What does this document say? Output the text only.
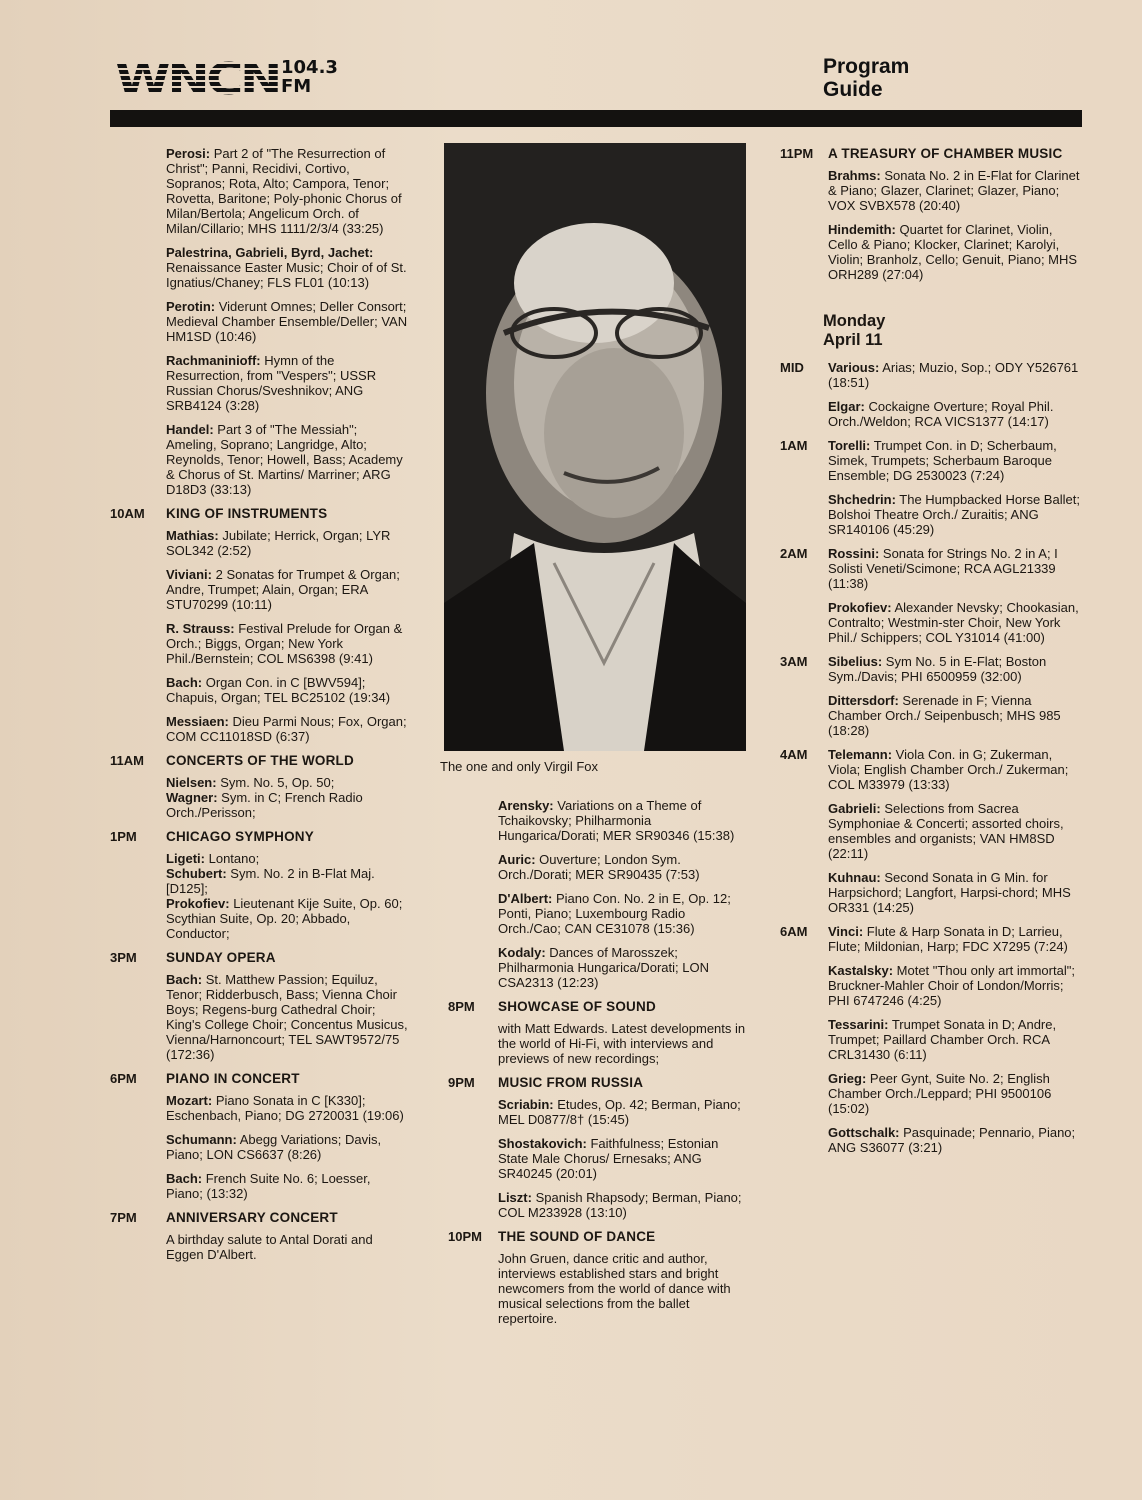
WNCN 104.3
FM
Program
Guide
Perosi: Part 2 of "The Resurrection of Christ"; Panni, Recidivi, Cortivo, Sopranos; Rota, Alto; Campora, Tenor; Rovetta, Baritone; Poly-phonic Chorus of Milan/Bertola; Angelicum Orch. of Milan/Cillario; MHS 1111/2/3/4 (33:25)
Palestrina, Gabrieli, Byrd, Jachet: Renaissance Easter Music; Choir of of St. Ignatius/Chaney; FLS FL01 (10:13)
Perotin: Viderunt Omnes; Deller Consort; Medieval Chamber Ensemble/Deller; VAN HM1SD (10:46)
Rachmaninioff: Hymn of the Resurrection, from "Vespers"; USSR Russian Chorus/Sveshnikov; ANG SRB4124 (3:28)
Handel: Part 3 of "The Messiah"; Ameling, Soprano; Langridge, Alto; Reynolds, Tenor; Howell, Bass; Academy & Chorus of St. Martins/ Marriner; ARG D18D3 (33:13)
10AM KING OF INSTRUMENTS
Mathias: Jubilate; Herrick, Organ; LYR SOL342 (2:52)
Viviani: 2 Sonatas for Trumpet & Organ; Andre, Trumpet; Alain, Organ; ERA STU70299 (10:11)
R. Strauss: Festival Prelude for Organ & Orch.; Biggs, Organ; New York Phil./Bernstein; COL MS6398 (9:41)
Bach: Organ Con. in C [BWV594]; Chapuis, Organ; TEL BC25102 (19:34)
Messiaen: Dieu Parmi Nous; Fox, Organ; COM CC11018SD (6:37)
11AM CONCERTS OF THE WORLD
Nielsen: Sym. No. 5, Op. 50;
Wagner: Sym. in C; French Radio Orch./Perisson;
1PM CHICAGO SYMPHONY
Ligeti: Lontano;
Schubert: Sym. No. 2 in B-Flat Maj. [D125];
Prokofiev: Lieutenant Kije Suite, Op. 60; Scythian Suite, Op. 20; Abbado, Conductor;
3PM SUNDAY OPERA
Bach: St. Matthew Passion; Equiluz, Tenor; Ridderbusch, Bass; Vienna Choir Boys; Regens-burg Cathedral Choir; King's College Choir; Concentus Musicus, Vienna/Harnoncourt; TEL SAWT9572/75 (172:36)
6PM PIANO IN CONCERT
Mozart: Piano Sonata in C [K330]; Eschenbach, Piano; DG 2720031 (19:06)
Schumann: Abegg Variations; Davis, Piano; LON CS6637 (8:26)
Bach: French Suite No. 6; Loesser, Piano; (13:32)
7PM ANNIVERSARY CONCERT
A birthday salute to Antal Dorati and Eggen D'Albert.
Arensky: Variations on a Theme of Tchaikovsky; Philharmonia Hungarica/Dorati; MER SR90346 (15:38)
Auric: Ouverture; London Sym. Orch./Dorati; MER SR90435 (7:53)
D'Albert: Piano Con. No. 2 in E, Op. 12; Ponti, Piano; Luxembourg Radio Orch./Cao; CAN CE31078 (15:36)
Kodaly: Dances of Marosszek; Philharmonia Hungarica/Dorati; LON CSA2313 (12:23)
8PM SHOWCASE OF SOUND
with Matt Edwards. Latest developments in the world of Hi-Fi, with interviews and previews of new recordings;
9PM MUSIC FROM RUSSIA
Scriabin: Etudes, Op. 42; Berman, Piano; MEL D0877/8† (15:45)
Shostakovich: Faithfulness; Estonian State Male Chorus/ Ernesaks; ANG SR40245 (20:01)
Liszt: Spanish Rhapsody; Berman, Piano; COL M233928 (13:10)
10PM THE SOUND OF DANCE
John Gruen, dance critic and author, interviews established stars and bright newcomers from the world of dance with musical selections from the ballet repertoire.
11PM A TREASURY OF CHAMBER MUSIC
Brahms: Sonata No. 2 in E-Flat for Clarinet & Piano; Glazer, Clarinet; Glazer, Piano; VOX SVBX578 (20:40)
Hindemith: Quartet for Clarinet, Violin, Cello & Piano; Klocker, Clarinet; Karolyi, Violin; Branholz, Cello; Genuit, Piano; MHS ORH289 (27:04)
Monday
April 11
MID Various: Arias; Muzio, Sop.; ODY Y526761 (18:51)
Elgar: Cockaigne Overture; Royal Phil. Orch./Weldon; RCA VICS1377 (14:17)
1AM Torelli: Trumpet Con. in D; Scherbaum, Simek, Trumpets; Scherbaum Baroque Ensemble; DG 2530023 (7:24)
Shchedrin: The Humpbacked Horse Ballet; Bolshoi Theatre Orch./ Zuraitis; ANG SR140106 (45:29)
2AM Rossini: Sonata for Strings No. 2 in A; I Solisti Veneti/Scimone; RCA AGL21339 (11:38)
Prokofiev: Alexander Nevsky; Chookasian, Contralto; Westmin-ster Choir, New York Phil./ Schippers; COL Y31014 (41:00)
3AM Sibelius: Sym No. 5 in E-Flat; Boston Sym./Davis; PHI 6500959 (32:00)
Dittersdorf: Serenade in F; Vienna Chamber Orch./ Seipenbusch; MHS 985 (18:28)
4AM Telemann: Viola Con. in G; Zukerman, Viola; English Chamber Orch./ Zukerman; COL M33979 (13:33)
Gabrieli: Selections from Sacrea Symphoniae & Concerti; assorted choirs, ensembles and organists; VAN HM8SD (22:11)
Kuhnau: Second Sonata in G Min. for Harpsichord; Langfort, Harpsi-chord; MHS OR331 (14:25)
6AM Vinci: Flute & Harp Sonata in D; Larrieu, Flute; Mildonian, Harp; FDC X7295 (7:24)
Kastalsky: Motet "Thou only art immortal"; Bruckner-Mahler Choir of London/Morris; PHI 6747246 (4:25)
Tessarini: Trumpet Sonata in D; Andre, Trumpet; Paillard Chamber Orch. RCA CRL31430 (6:11)
Grieg: Peer Gynt, Suite No. 2; English Chamber Orch./Leppard; PHI 9500106 (15:02)
Gottschalk: Pasquinade; Pennario, Piano; ANG S36077 (3:21)
The one and only Virgil Fox
